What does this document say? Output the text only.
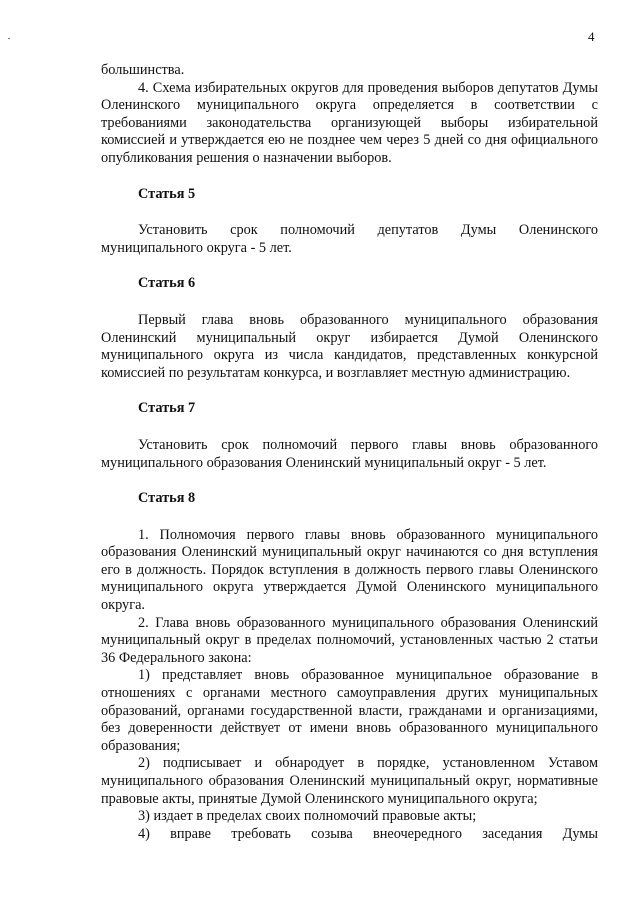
4

большинства.

4. Схема избирательных округов для проведения выборов депутатов Думы Оленинского муниципального округа определяется в соответствии с требованиями законодательства организующей выборы избирательной комиссией и утверждается ею не позднее чем через 5 дней со дня официального опубликования решения о назначении выборов.

Статья 5

Установить срок полномочий депутатов Думы Оленинского муниципального округа - 5 лет.

Статья 6

Первый глава вновь образованного муниципального образования Оленинский муниципальный округ избирается Думой Оленинского муниципального округа из числа кандидатов, представленных конкурсной комиссией по результатам конкурса, и возглавляет местную администрацию.

Статья 7

Установить срок полномочий первого главы вновь образованного муниципального образования Оленинский муниципальный округ - 5 лет.

Статья 8

1. Полномочия первого главы вновь образованного муниципального образования Оленинский муниципальный округ начинаются со дня вступления его в должность. Порядок вступления в должность первого главы Оленинского муниципального округа утверждается Думой Оленинского муниципального округа.

2. Глава вновь образованного муниципального образования Оленинский муниципальный округ в пределах полномочий, установленных частью 2 статьи 36 Федерального закона:

1) представляет вновь образованное муниципальное образование в отношениях с органами местного самоуправления других муниципальных образований, органами государственной власти, гражданами и организациями, без доверенности действует от имени вновь образованного муниципального образования;

2) подписывает и обнародует в порядке, установленном Уставом муниципального образования Оленинский муниципальный округ, нормативные правовые акты, принятые Думой Оленинского муниципального округа;

3) издает в пределах своих полномочий правовые акты;

4) вправе требовать созыва внеочередного заседания Думы
